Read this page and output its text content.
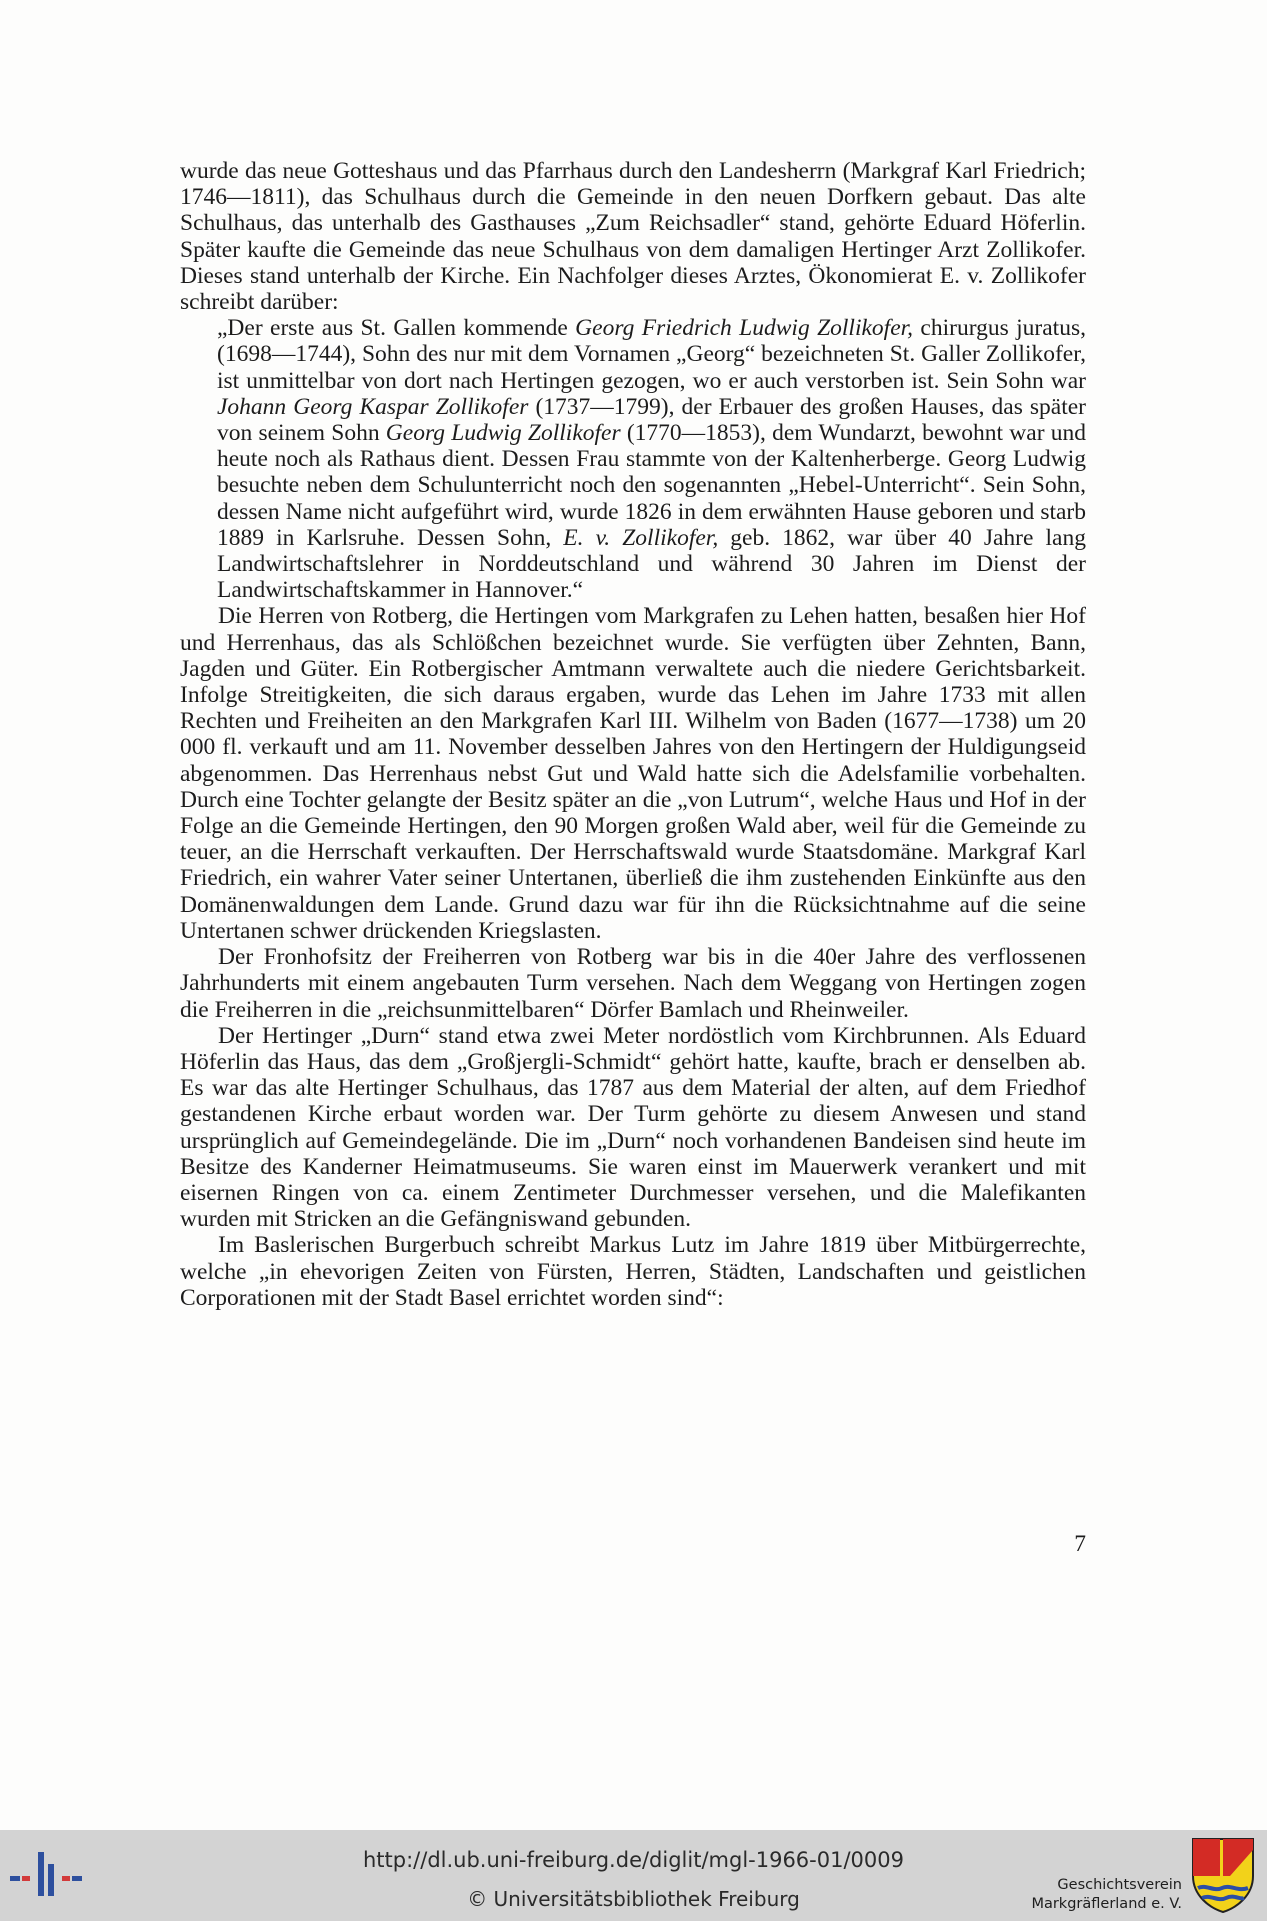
wurde das neue Gotteshaus und das Pfarrhaus durch den Landesherrn (Markgraf Karl Friedrich; 1746—1811), das Schulhaus durch die Gemeinde in den neuen Dorfkern gebaut. Das alte Schulhaus, das unterhalb des Gasthauses „Zum Reichsadler“ stand, gehörte Eduard Höferlin. Später kaufte die Gemeinde das neue Schulhaus von dem damaligen Hertinger Arzt Zollikofer. Dieses stand unterhalb der Kirche. Ein Nachfolger dieses Arztes, Ökonomierat E. v. Zollikofer schreibt darüber:

„Der erste aus St. Gallen kommende Georg Friedrich Ludwig Zollikofer, chirurgus juratus, (1698—1744), Sohn des nur mit dem Vornamen „Georg“ bezeichneten St. Galler Zollikofer, ist unmittelbar von dort nach Hertingen gezogen, wo er auch verstorben ist. Sein Sohn war Johann Georg Kaspar Zollikofer (1737—1799), der Erbauer des großen Hauses, das später von seinem Sohn Georg Ludwig Zollikofer (1770—1853), dem Wundarzt, bewohnt war und heute noch als Rathaus dient. Dessen Frau stammte von der Kaltenherberge. Georg Ludwig besuchte neben dem Schulunterricht noch den sogenannten „Hebel-Unterricht“. Sein Sohn, dessen Name nicht aufgeführt wird, wurde 1826 in dem erwähnten Hause geboren und starb 1889 in Karlsruhe. Dessen Sohn, E. v. Zollikofer, geb. 1862, war über 40 Jahre lang Landwirtschaftslehrer in Norddeutschland und während 30 Jahren im Dienst der Landwirtschaftskammer in Hannover.“

Die Herren von Rotberg, die Hertingen vom Markgrafen zu Lehen hatten, besaßen hier Hof und Herrenhaus, das als Schlößchen bezeichnet wurde. Sie verfügten über Zehnten, Bann, Jagden und Güter. Ein Rotbergischer Amtmann verwaltete auch die niedere Gerichtsbarkeit. Infolge Streitigkeiten, die sich daraus ergaben, wurde das Lehen im Jahre 1733 mit allen Rechten und Freiheiten an den Markgrafen Karl III. Wilhelm von Baden (1677—1738) um 20 000 fl. verkauft und am 11. November desselben Jahres von den Hertingern der Huldigungseid abgenommen. Das Herrenhaus nebst Gut und Wald hatte sich die Adelsfamilie vorbehalten. Durch eine Tochter gelangte der Besitz später an die „von Lutrum“, welche Haus und Hof in der Folge an die Gemeinde Hertingen, den 90 Morgen großen Wald aber, weil für die Gemeinde zu teuer, an die Herrschaft verkauften. Der Herrschaftswald wurde Staatsdomäne. Markgraf Karl Friedrich, ein wahrer Vater seiner Untertanen, überließ die ihm zustehenden Einkünfte aus den Domänenwaldungen dem Lande. Grund dazu war für ihn die Rücksichtnahme auf die seine Untertanen schwer drückenden Kriegslasten.

Der Fronhofsitz der Freiherren von Rotberg war bis in die 40er Jahre des verflossenen Jahrhunderts mit einem angebauten Turm versehen. Nach dem Weggang von Hertingen zogen die Freiherren in die „reichsunmittelbaren“ Dörfer Bamlach und Rheinweiler.

Der Hertinger „Durn“ stand etwa zwei Meter nordöstlich vom Kirchbrunnen. Als Eduard Höferlin das Haus, das dem „Großjergli-Schmidt“ gehört hatte, kaufte, brach er denselben ab. Es war das alte Hertinger Schulhaus, das 1787 aus dem Material der alten, auf dem Friedhof gestandenen Kirche erbaut worden war. Der Turm gehörte zu diesem Anwesen und stand ursprünglich auf Gemeindegelände. Die im „Durn“ noch vorhandenen Bandeisen sind heute im Besitze des Kanderner Heimatmuseums. Sie waren einst im Mauerwerk verankert und mit eisernen Ringen von ca. einem Zentimeter Durchmesser versehen, und die Malefikanten wurden mit Stricken an die Gefängniswand gebunden.

Im Baslerischen Burgerbuch schreibt Markus Lutz im Jahre 1819 über Mitbürgerrechte, welche „in ehevorigen Zeiten von Fürsten, Herren, Städten, Landschaften und geistlichen Corporationen mit der Stadt Basel errichtet worden sind“:

7
http://dl.ub.uni-freiburg.de/diglit/mgl-1966-01/0009
© Universitätsbibliothek Freiburg
Geschichtsverein
Markgräflerland e. V.
